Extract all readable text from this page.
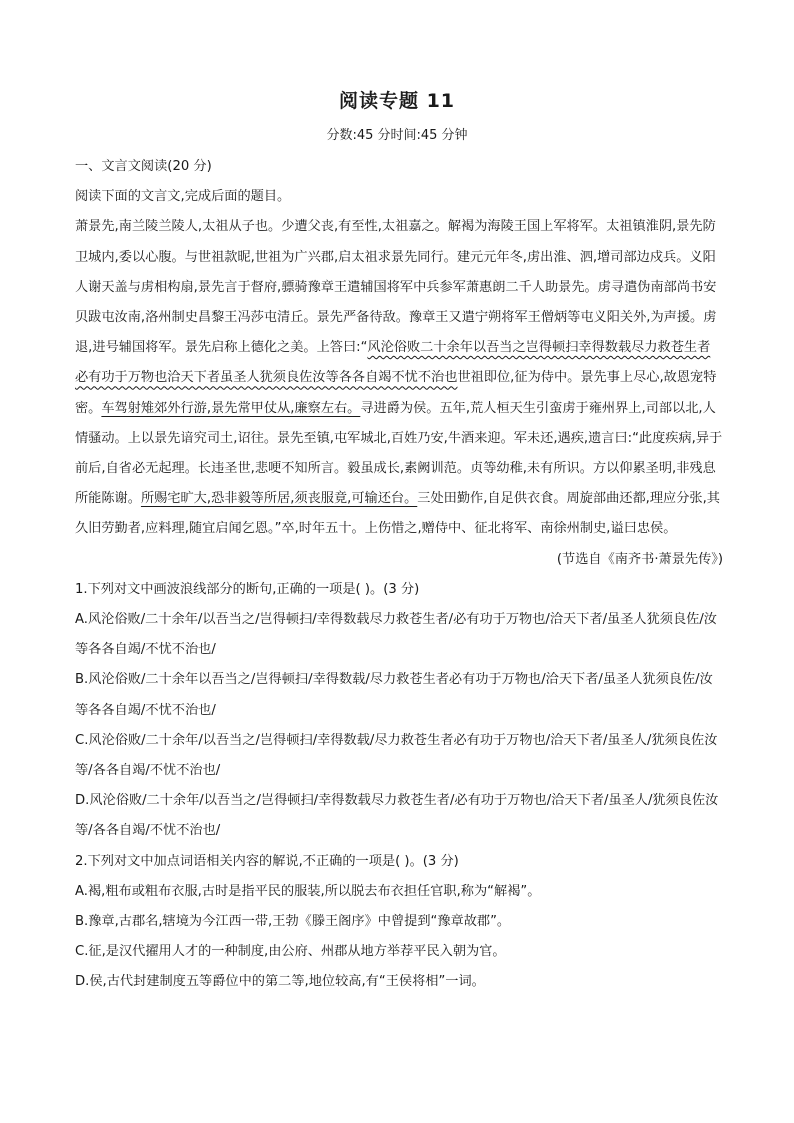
阅读专题 11
分数:45 分时间:45 分钟

一、文言文阅读(20 分)

阅读下面的文言文,完成后面的题目。

萧景先,南兰陵兰陵人,太祖从子也。少遭父丧,有至性,太祖嘉之。解褐为海陵王国上军将军。太祖镇淮阴,景先防卫城内,委以心腹。与世祖款昵,世祖为广兴郡,启太祖求景先同行。建元元年冬,虏出淮、泗,增司部边戍兵。义阳人谢天盖与虏相构扇,景先言于督府,骠骑豫章王遣辅国将军中兵参军萧惠朗二千人助景先。虏寻遣伪南部尚书安贝跋屯汝南,洛州制史昌黎王冯莎屯清丘。景先严备待敌。豫章王又遣宁朔将军王僧炳等屯义阳关外,为声援。虏退,进号辅国将军。景先启称上德化之美。上答曰:“风沦俗败二十余年以吾当之岂得顿扫幸得数载尽力救苍生者必有功于万物也洽天下者虽圣人犹须良佐汝等各各自竭不忧不治也世祖即位,征为侍中。景先事上尽心,故恩宠特密。车驾射雉郊外行游,景先常甲仗从,廉察左右。寻进爵为侯。五年,荒人桓天生引蛮虏于雍州界上,司部以北,人情骚动。上以景先谙究司土,诏往。景先至镇,屯军城北,百姓乃安,牛酒来迎。军未还,遇疾,遗言曰:“此度疾病,异于前后,自省必无起理。长违圣世,悲哽不知所言。毅虽成长,素阙训范。贞等幼稚,未有所识。方以仰累圣明,非残息所能陈谢。所赐宅旷大,恐非毅等所居,须丧服竟,可输还台。三处田勤作,自足供衣食。周旋部曲还都,理应分张,其久旧劳勤者,应料理,随宜启闻乞恩。”卒,时年五十。上伤惜之,赠侍中、征北将军、南徐州制史,谥曰忠侯。

(节选自《南齐书·萧景先传》)

1.下列对文中画波浪线部分的断句,正确的一项是( )。(3 分)

A.风沦俗败/二十余年/以吾当之/岂得顿扫/幸得数载尽力救苍生者/必有功于万物也/洽天下者/虽圣人犹须良佐/汝等各各自竭/不忧不治也/

B.风沦俗败/二十余年以吾当之/岂得顿扫/幸得数载/尽力救苍生者必有功于万物也/洽天下者/虽圣人犹须良佐/汝等各各自竭/不忧不治也/

C.风沦俗败/二十余年/以吾当之/岂得顿扫/幸得数载/尽力救苍生者必有功于万物也/洽天下者/虽圣人/犹须良佐汝等/各各自竭/不忧不治也/

D.风沦俗败/二十余年/以吾当之/岂得顿扫/幸得数载尽力救苍生者/必有功于万物也/洽天下者/虽圣人/犹须良佐汝等/各各自竭/不忧不治也/

2.下列对文中加点词语相关内容的解说,不正确的一项是( )。(3 分)

A.褐,粗布或粗布衣服,古时是指平民的服装,所以脱去布衣担任官职,称为“解褐”。

B.豫章,古郡名,辖境为今江西一带,王勃《滕王阁序》中曾提到“豫章故郡”。

C.征,是汉代擢用人才的一种制度,由公府、州郡从地方举荐平民入朝为官。

D.侯,古代封建制度五等爵位中的第二等,地位较高,有“王侯将相”一词。
